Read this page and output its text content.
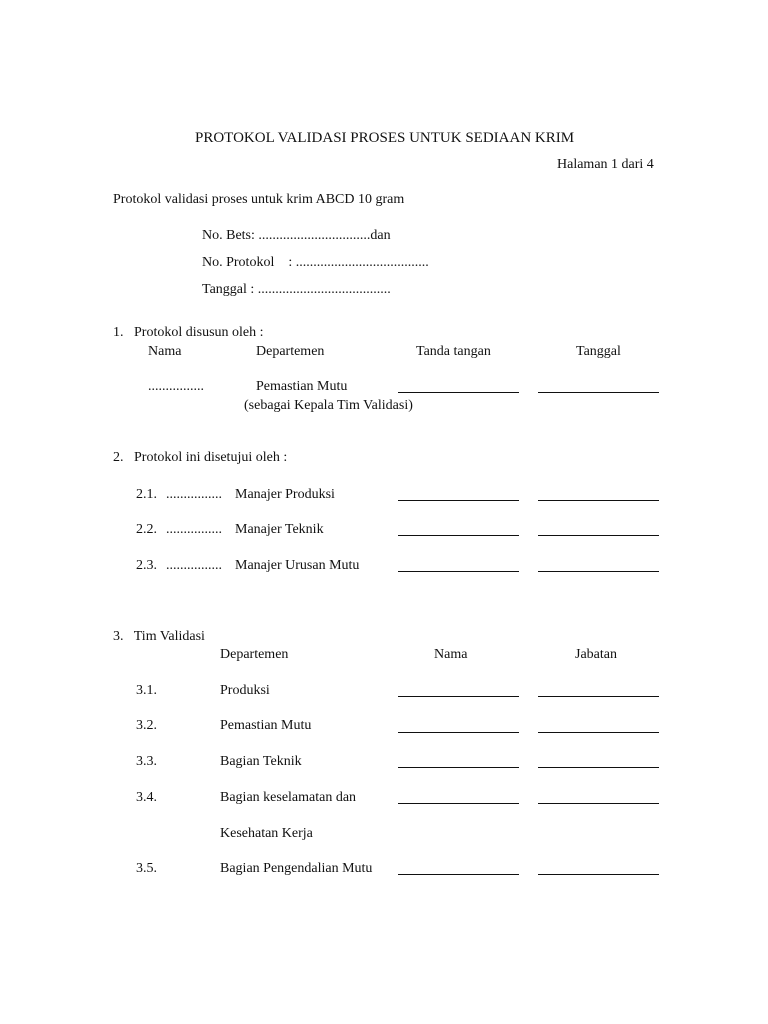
PROTOKOL VALIDASI PROSES UNTUK SEDIAAN KRIM
Halaman 1 dari 4
Protokol validasi proses untuk krim ABCD 10 gram
No. Bets: ................................dan
No. Protokol    : ......................................
Tanggal : ......................................
1.   Protokol disusun oleh :
Nama	Departemen	Tanda tangan	Tanggal
................	Pemastian Mutu
(sebagai Kepala Tim Validasi)
2.   Protokol ini disetujui oleh :
2.1. ................ Manajer Produksi
2.2. ................ Manajer Teknik
2.3. ................ Manajer Urusan Mutu
3.   Tim Validasi
Departemen	Nama	Jabatan
3.1.	Produksi
3.2.	Pemastian Mutu
3.3.	Bagian Teknik
3.4.	Bagian keselamatan dan
Kesehatan Kerja
3.5.	Bagian Pengendalian Mutu
